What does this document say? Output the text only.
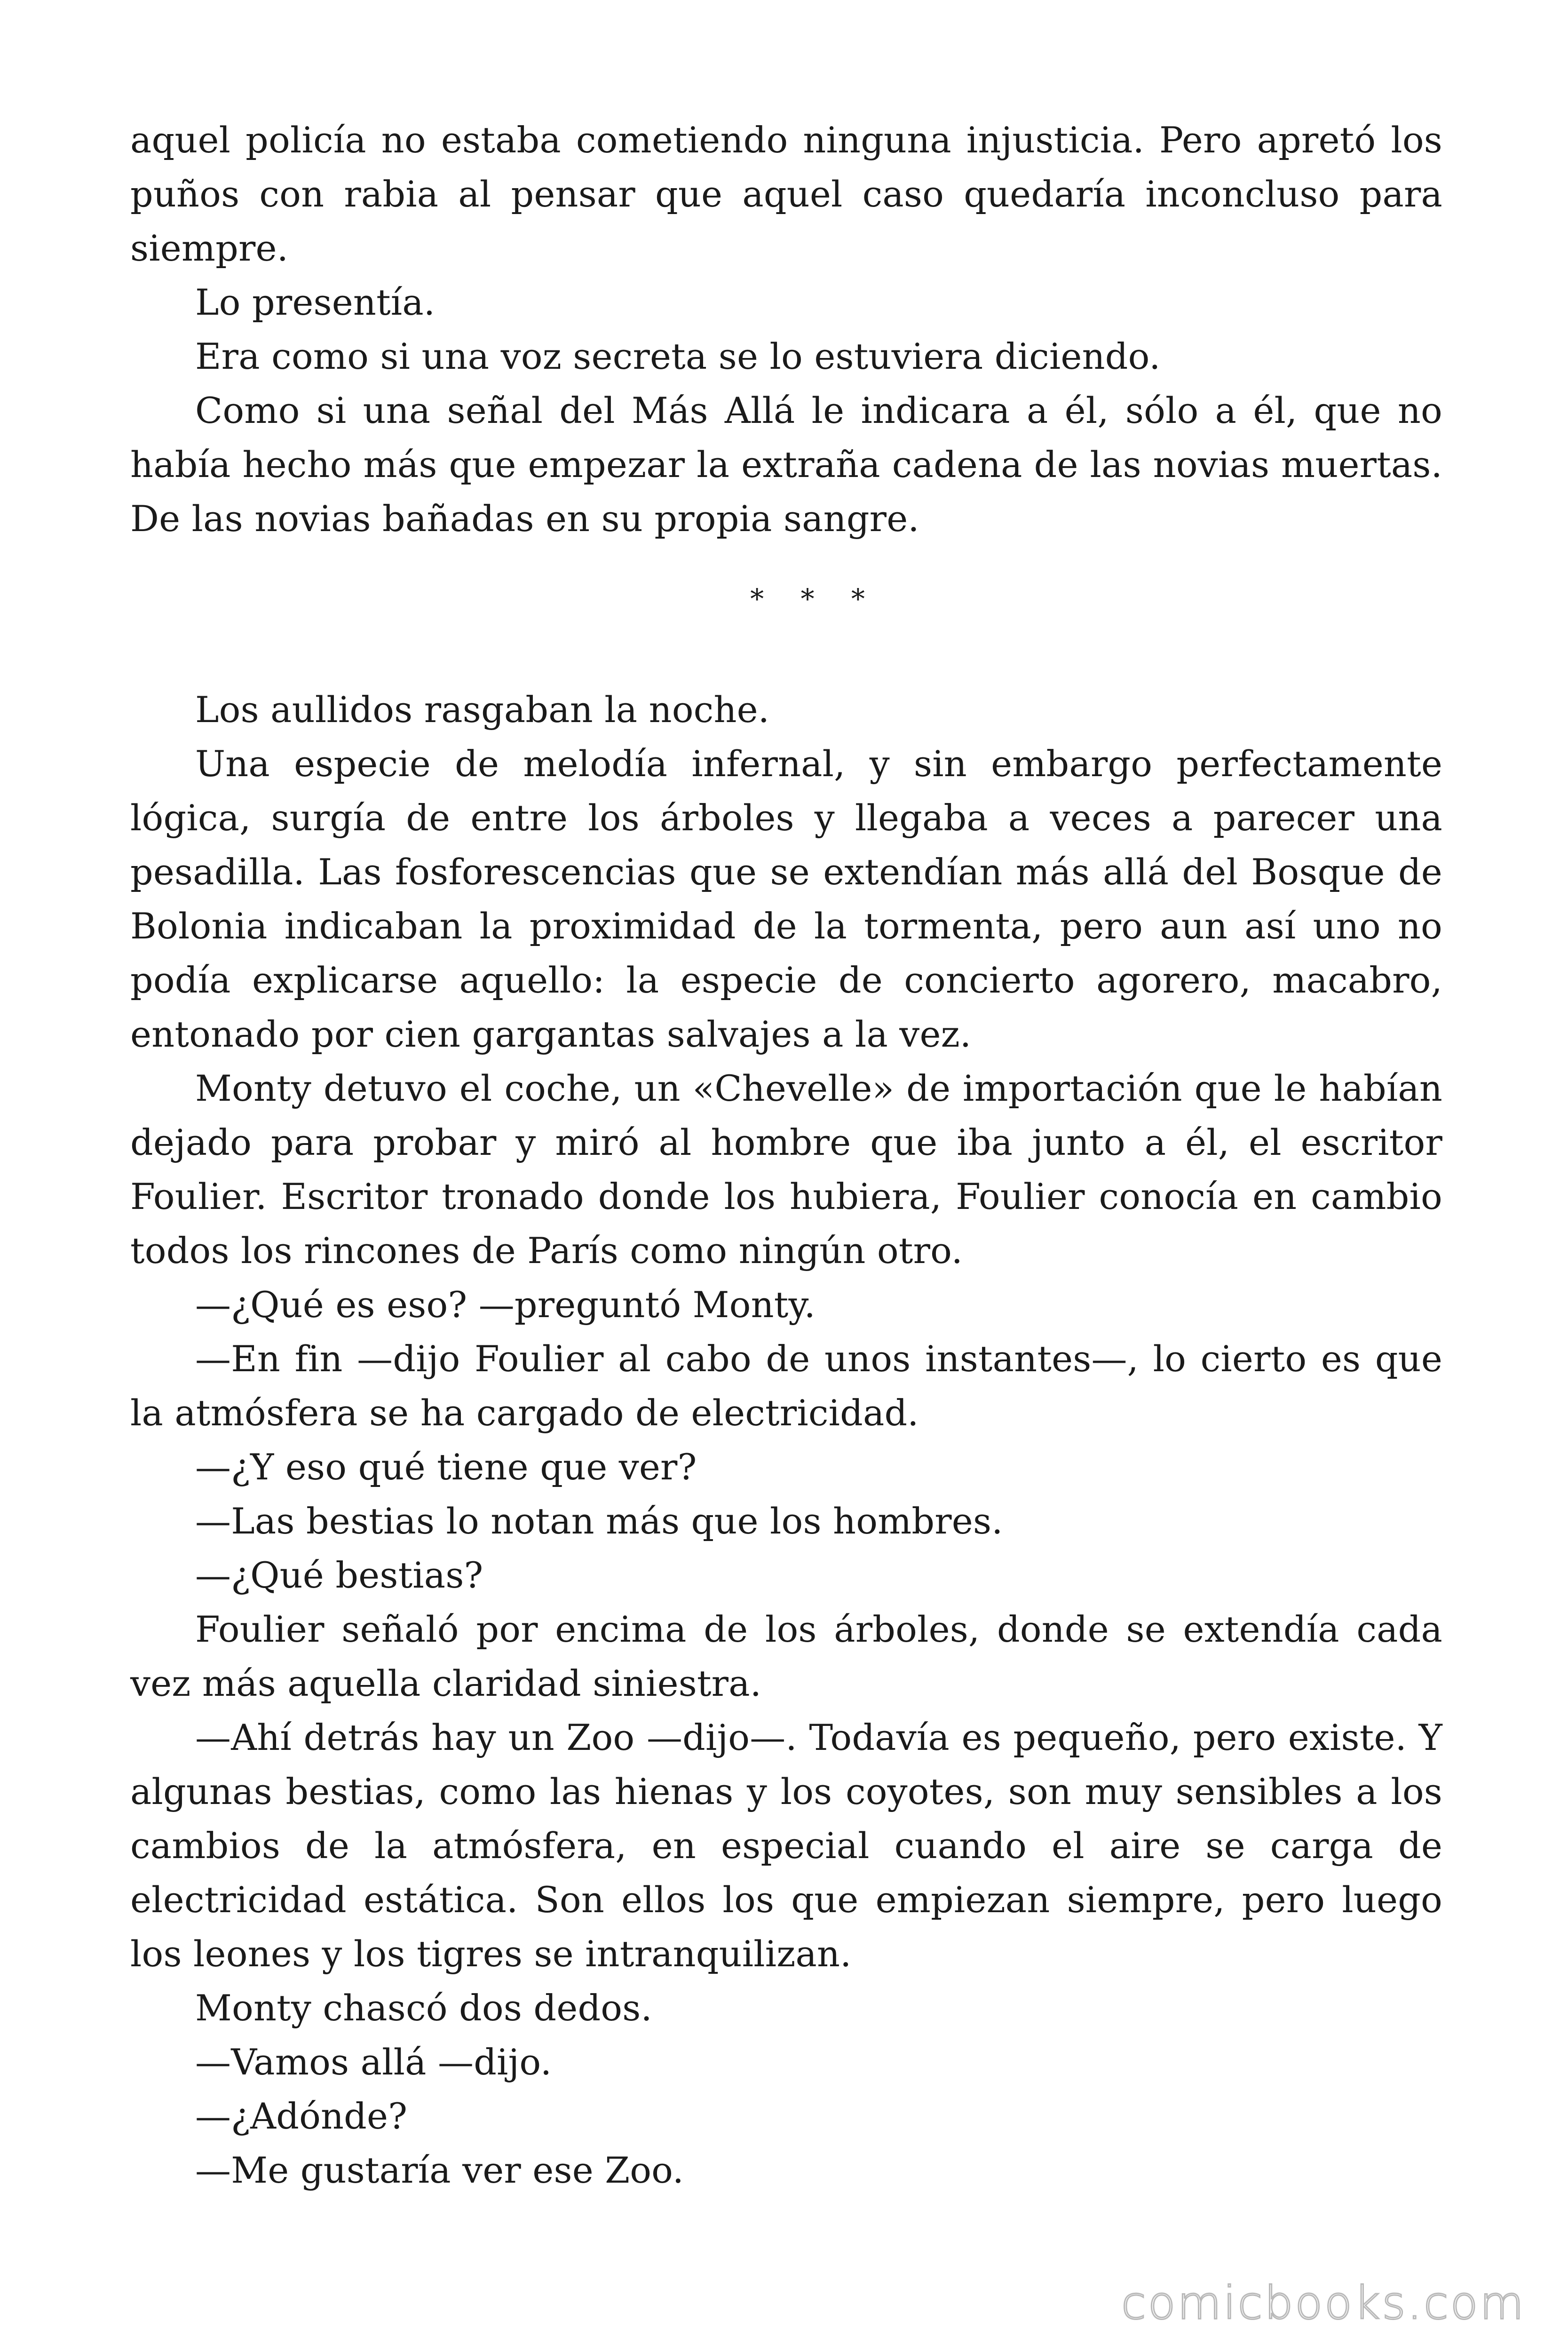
aquel policía no estaba cometiendo ninguna injusticia. Pero apretó los puños con rabia al pensar que aquel caso quedaría inconcluso para siempre.

Lo presentía.

Era como si una voz secreta se lo estuviera diciendo.

Como si una señal del Más Allá le indicara a él, sólo a él, que no había hecho más que empezar la extraña cadena de las novias muertas. De las novias bañadas en su propia sangre.

* * *

Los aullidos rasgaban la noche.

Una especie de melodía infernal, y sin embargo perfectamente lógica, surgía de entre los árboles y llegaba a veces a parecer una pesadilla. Las fosforescencias que se extendían más allá del Bosque de Bolonia indicaban la proximidad de la tormenta, pero aun así uno no podía explicarse aquello: la especie de concierto agorero, macabro, entonado por cien gargantas salvajes a la vez.

Monty detuvo el coche, un «Chevelle» de importación que le habían dejado para probar y miró al hombre que iba junto a él, el escritor Foulier. Escritor tronado donde los hubiera, Foulier conocía en cambio todos los rincones de París como ningún otro.

—¿Qué es eso? —preguntó Monty.

—En fin —dijo Foulier al cabo de unos instantes—, lo cierto es que la atmósfera se ha cargado de electricidad.

—¿Y eso qué tiene que ver?

—Las bestias lo notan más que los hombres.

—¿Qué bestias?

Foulier señaló por encima de los árboles, donde se extendía cada vez más aquella claridad siniestra.

—Ahí detrás hay un Zoo —dijo—. Todavía es pequeño, pero existe. Y algunas bestias, como las hienas y los coyotes, son muy sensibles a los cambios de la atmósfera, en especial cuando el aire se carga de electricidad estática. Son ellos los que empiezan siempre, pero luego los leones y los tigres se intranquilizan.

Monty chascó dos dedos.

—Vamos allá —dijo.

—¿Adónde?

—Me gustaría ver ese Zoo.

comicbooks.com
